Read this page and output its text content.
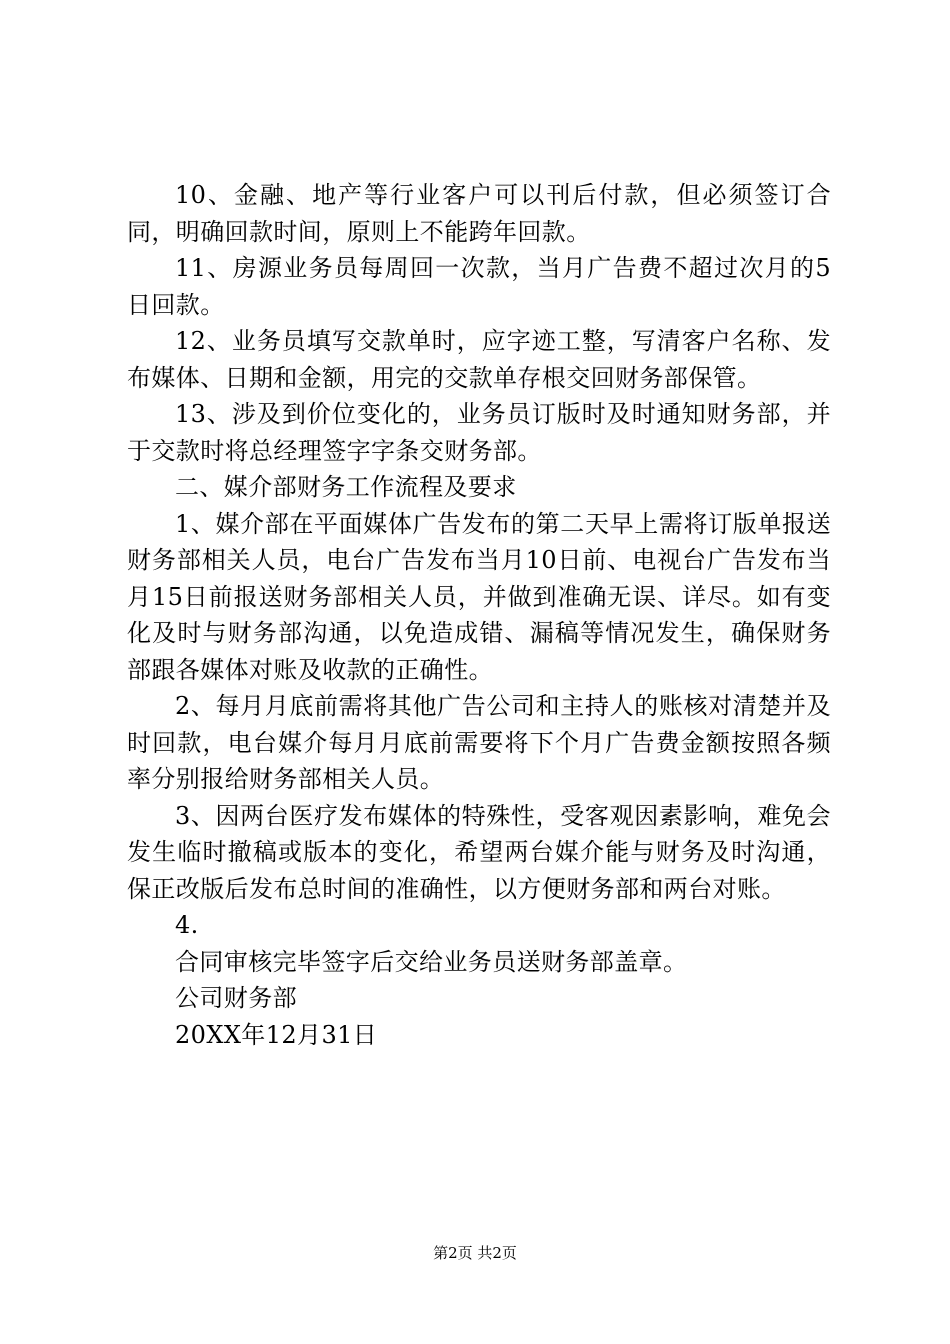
10、金融、地产等行业客户可以刊后付款，但必须签订合同，明确回款时间，原则上不能跨年回款。

11、房源业务员每周回一次款，当月广告费不超过次月的5日回款。

12、业务员填写交款单时，应字迹工整，写清客户名称、发布媒体、日期和金额，用完的交款单存根交回财务部保管。

13、涉及到价位变化的，业务员订版时及时通知财务部，并于交款时将总经理签字字条交财务部。

二、媒介部财务工作流程及要求

1、媒介部在平面媒体广告发布的第二天早上需将订版单报送财务部相关人员，电台广告发布当月10日前、电视台广告发布当月15日前报送财务部相关人员，并做到准确无误、详尽。如有变化及时与财务部沟通，以免造成错、漏稿等情况发生，确保财务部跟各媒体对账及收款的正确性。

2、每月月底前需将其他广告公司和主持人的账核对清楚并及时回款，电台媒介每月月底前需要将下个月广告费金额按照各频率分别报给财务部相关人员。

3、因两台医疗发布媒体的特殊性，受客观因素影响，难免会发生临时撤稿或版本的变化，希望两台媒介能与财务及时沟通，保正改版后发布总时间的准确性，以方便财务部和两台对账。

4.

合同审核完毕签字后交给业务员送财务部盖章。

公司财务部

20XX年12月31日

第2页 共2页
